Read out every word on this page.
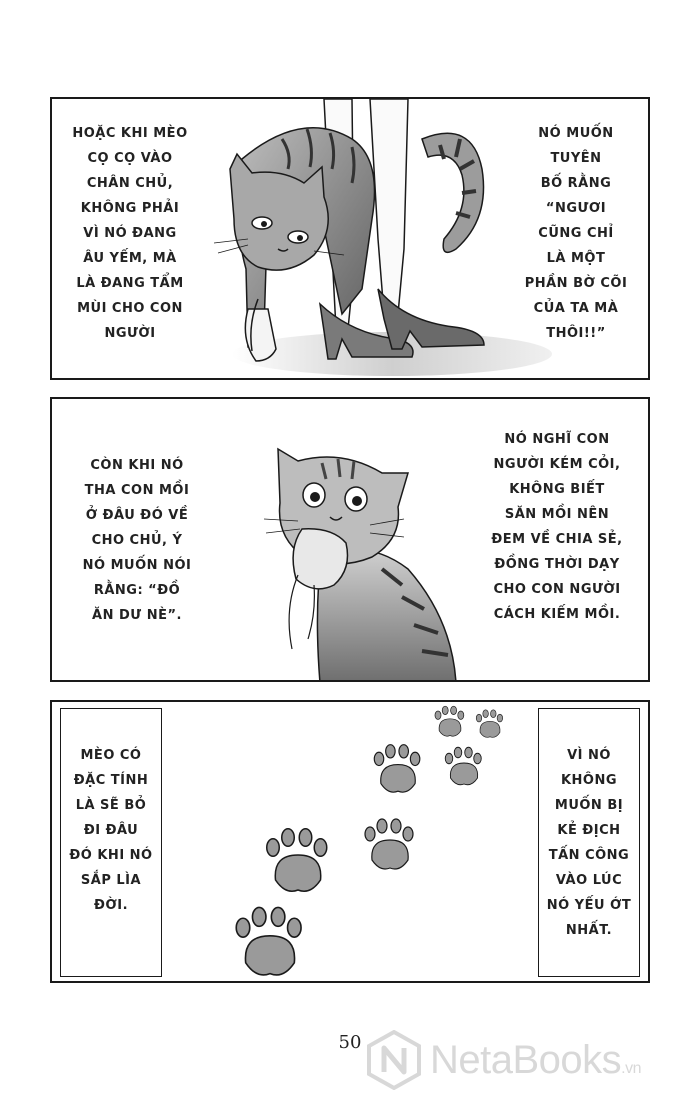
HOẶC KHI MÈO
CỌ CỌ VÀO
CHÂN CHỦ,
KHÔNG PHẢI
VÌ NÓ ĐANG
ÂU YẾM, MÀ
LÀ ĐANG TẨM
MÙI CHO CON
NGƯỜI
NÓ MUỐN
TUYÊN
BỐ RẰNG
“NGƯƠI
CŨNG CHỈ
LÀ MỘT
PHẦN BỜ CÕI
CỦA TA MÀ
THÔI!!”
CÒN KHI NÓ
THA CON MỒI
Ở ĐÂU ĐÓ VỀ
CHO CHỦ, Ý
NÓ MUỐN NÓI
RẰNG: “ĐỒ
ĂN DƯ NÈ”.
NÓ NGHĨ CON
NGƯỜI KÉM CỎI,
KHÔNG BIẾT
SĂN MỒI NÊN
ĐEM VỀ CHIA SẺ,
ĐỒNG THỜI DẠY
CHO CON NGƯỜI
CÁCH KIẾM MỒI.
MÈO CÓ
ĐẶC TÍNH
LÀ SẼ BỎ
ĐI ĐÂU
ĐÓ KHI NÓ
SẮP LÌA
ĐỜI.
VÌ NÓ
KHÔNG
MUỐN BỊ
KẺ ĐỊCH
TẤN CÔNG
VÀO LÚC
NÓ YẾU ỚT
NHẤT.
50 NetaBooks.vn
